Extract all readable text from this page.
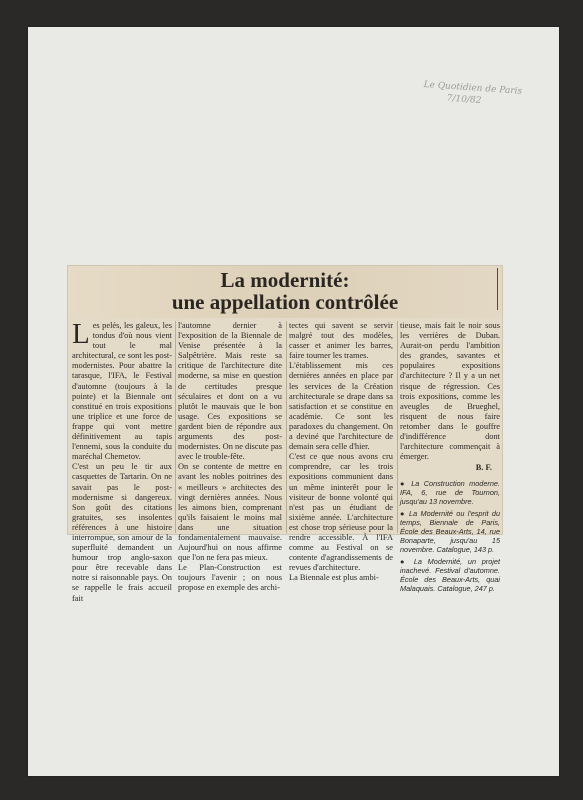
Le Quotidien de Paris
7/10/82
La modernité:
une appellation contrôlée

Les pelés, les galeux, les tondus d'où nous vient tout le mal architectural, ce sont les post-modernistes. Pour abattre la tarasque, l'IFA, le Festival d'automne (toujours à la pointe) et la Biennale ont constitué en trois expositions une triplice et une force de frappe qui vont mettre définitivement au tapis l'ennemi, sous la conduite du maréchal Chemetov.

C'est un peu le tir aux casquettes de Tartarin. On ne savait pas le post-modernisme si dangereux. Son goût des citations gratuites, ses insolentes références à une histoire interrompue, son amour de la superfluité demandent un humour trop anglo-saxon pour être recevable dans notre si raisonnable pays. On se rappelle le frais accueil fait

l'automne dernier à l'exposition de la Biennale de Venise présentée à la Salpêtrière. Mais reste sa critique de l'architecture dite moderne, sa mise en question de certitudes presque séculaires et dont on a vu plutôt le mauvais que le bon usage. Ces expositions se gardent bien de répondre aux arguments des post-modernistes. On ne discute pas avec le trouble-fête.

On se contente de mettre en avant les nobles poitrines des « meilleurs » architectes des vingt dernières années. Nous les aimons bien, comprenant qu'ils faisaient le moins mal dans une situation fondamentalement mauvaise. Aujourd'hui on nous affirme que l'on ne fera pas mieux.

Le Plan-Construction est toujours l'avenir ; on nous propose en exemple des archi-

tectes qui savent se servir malgré tout des modèles, casser et animer les barres, faire tourner les trames.

L'établissement mis ces dernières années en place par les services de la Création architecturale se drape dans sa satisfaction et se constitue en académie. Ce sont les paradoxes du changement. On a deviné que l'architecture de demain sera celle d'hier.

C'est ce que nous avons cru comprendre, car les trois expositions communient dans un même ininterêt pour le visiteur de bonne volonté qui n'est pas un étudiant de sixième année. L'architecture est chose trop sérieuse pour la rendre accessible. À l'IFA comme au Festival on se contente d'agrandissements de revues d'architecture.

La Biennale est plus ambi-

tieuse, mais fait le noir sous les verrières de Duban. Aurait-on perdu l'ambition des grandes, savantes et populaires expositions d'architecture ? Il y a un net risque de régression. Ces trois expositions, comme les aveugles de Brueghel, risquent de nous faire retomber dans le gouffre d'indifférence dont l'architecture commençait à émerger.

B. F.
● La Construction moderne. IFA, 6, rue de Tournon, jusqu'au 13 novembre.
● La Modernité ou l'esprit du temps, Biennale de Paris, École des Beaux-Arts, 14, rue Bonaparte, jusqu'au 15 novembre. Catalogue, 143 p.
● La Modernité, un projet inachevé. Festival d'automne. École des Beaux-Arts, quai Malaquais. Catalogue, 247 p.
